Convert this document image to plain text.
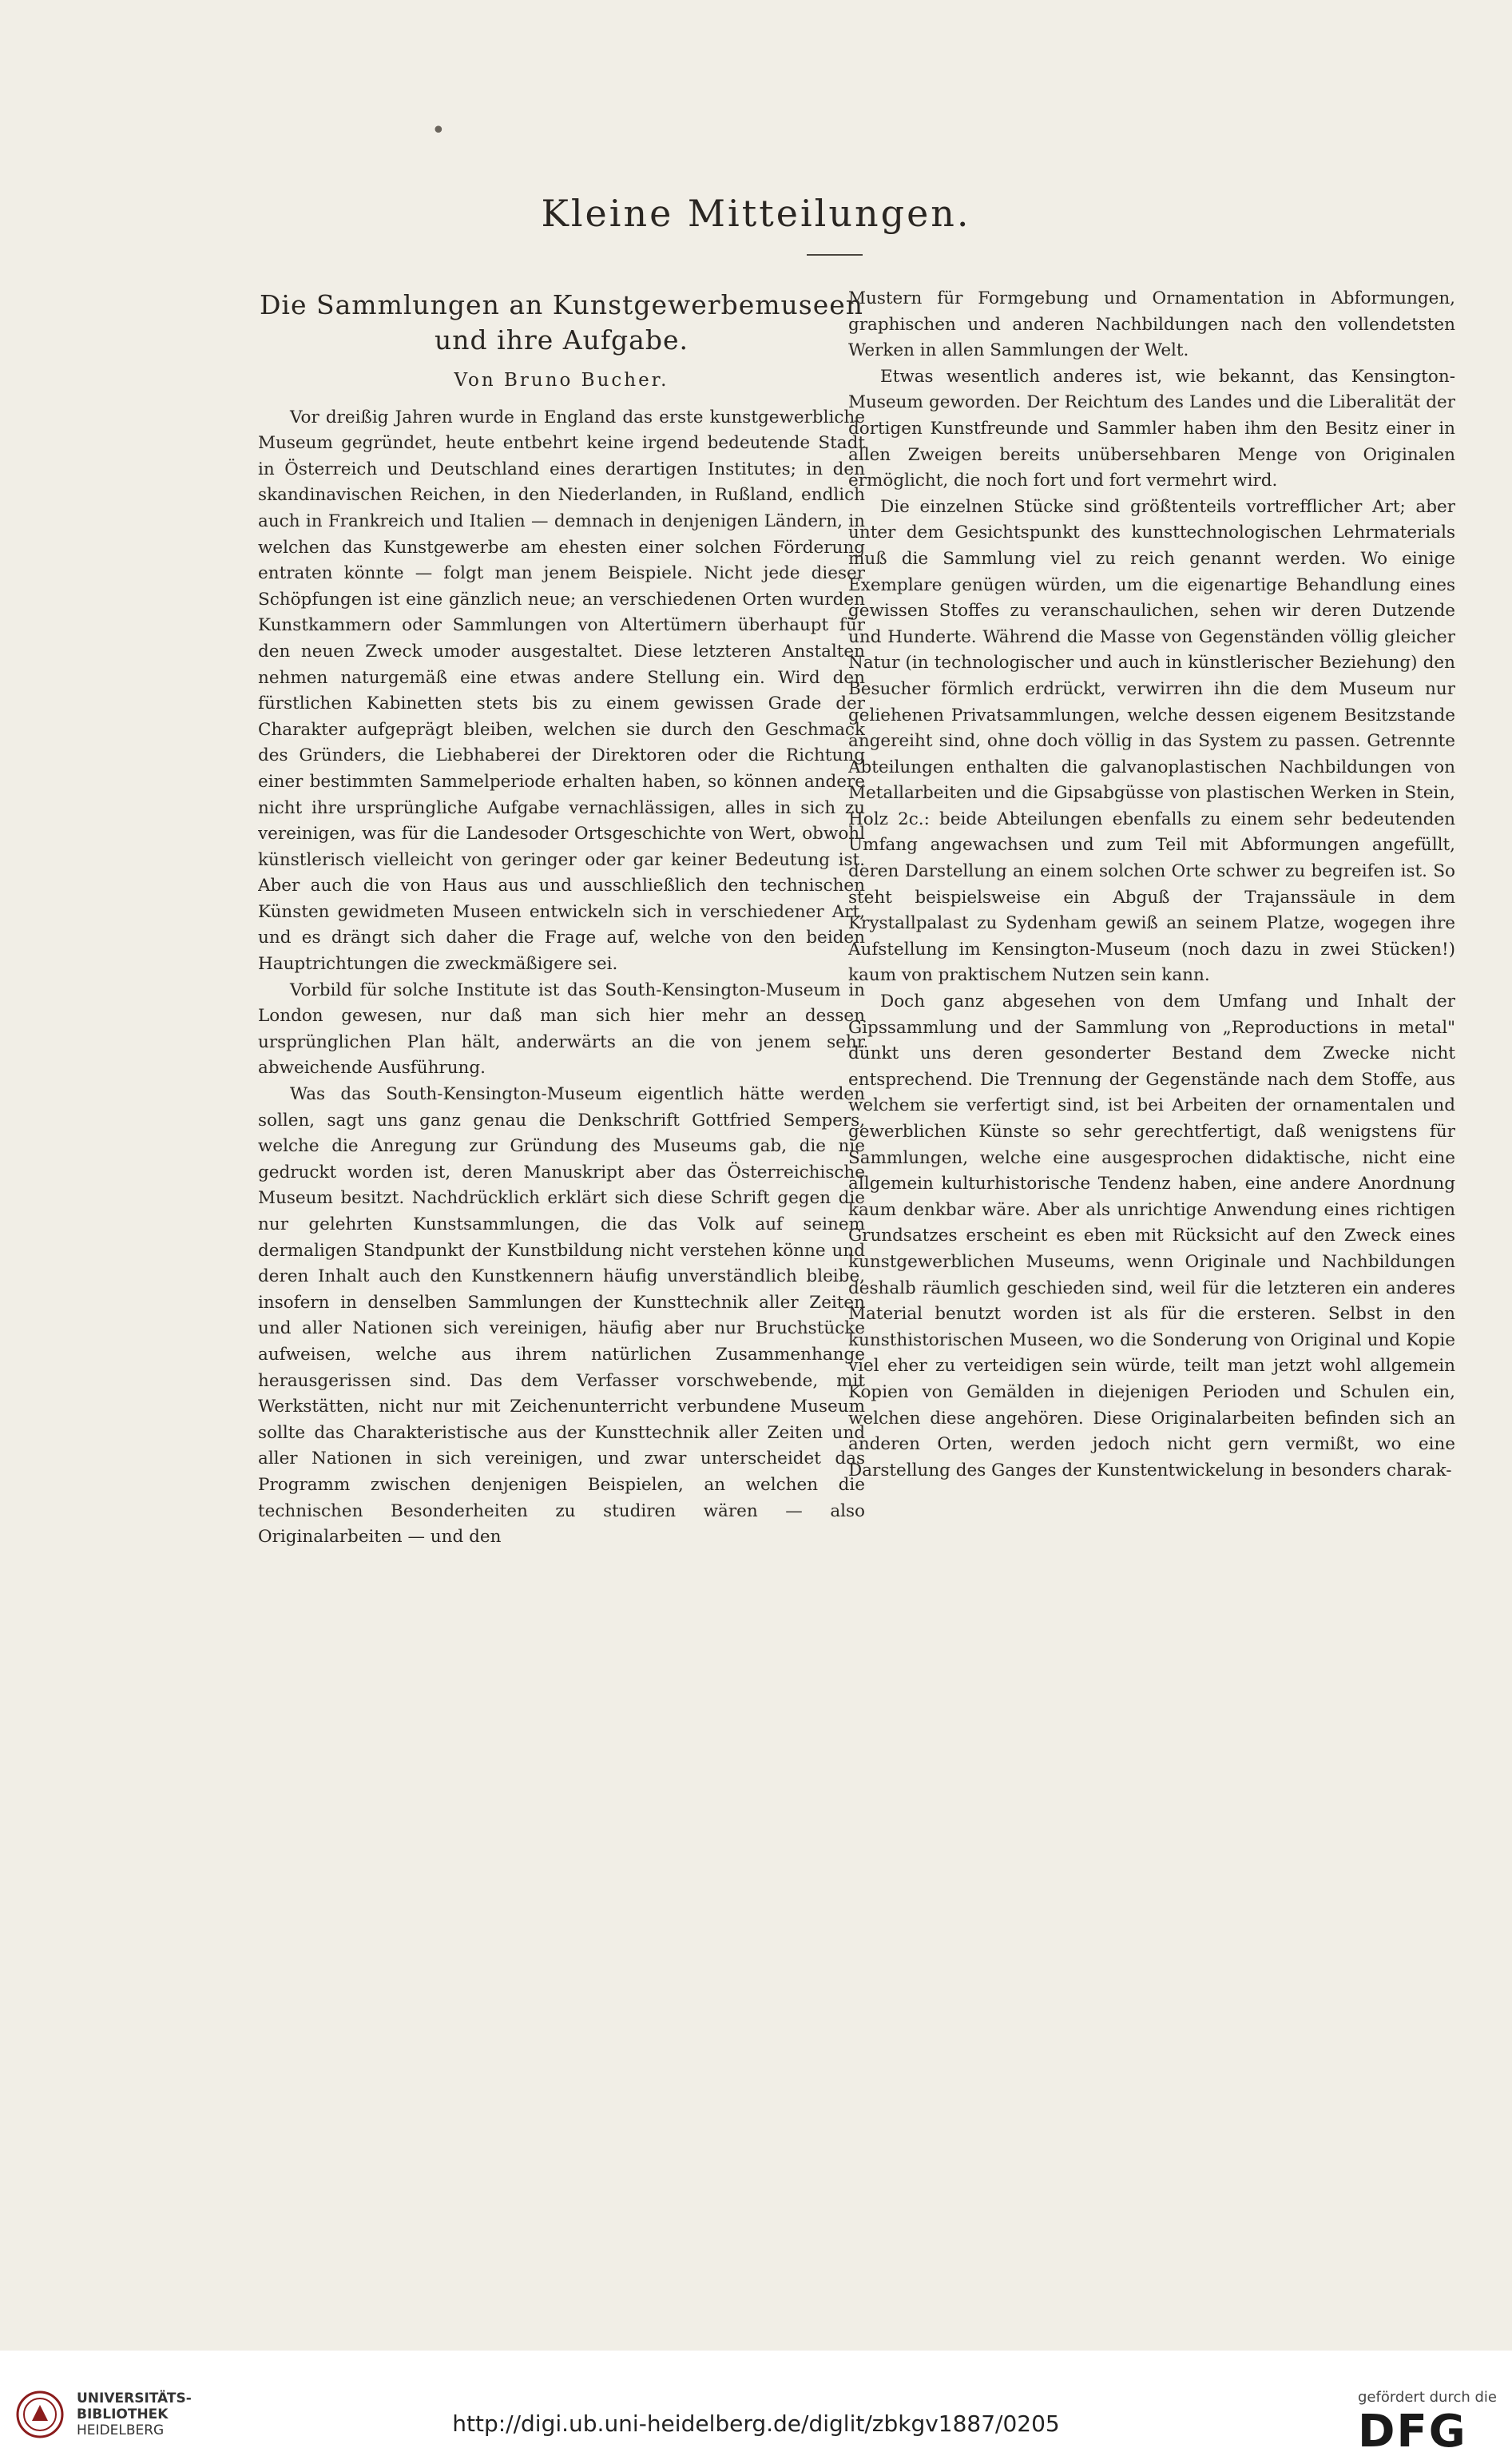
•
Kleine Mitteilungen.
Die Sammlungen an Kunstgewerbemuseen
und ihre Aufgabe.
Von Bruno Bucher.

Vor dreißig Jahren wurde in England das erste kunstgewerbliche Museum gegründet, heute entbehrt keine irgend bedeutende Stadt in Österreich und Deutschland eines derartigen Institutes; in den skandinavischen Reichen, in den Niederlanden, in Rußland, endlich auch in Frankreich und Italien — demnach in denjenigen Ländern, in welchen das Kunstgewerbe am ehesten einer solchen Förderung entraten könnte — folgt man jenem Beispiele. Nicht jede dieser Schöpfungen ist eine gänzlich neue; an verschiedenen Orten wurden Kunstkammern oder Sammlungen von Altertümern überhaupt für den neuen Zweck umoder ausgestaltet. Diese letzteren Anstalten nehmen naturgemäß eine etwas andere Stellung ein. Wird den fürstlichen Kabinetten stets bis zu einem gewissen Grade der Charakter aufgeprägt bleiben, welchen sie durch den Geschmack des Gründers, die Liebhaberei der Direktoren oder die Richtung einer bestimmten Sammelperiode erhalten haben, so können andere nicht ihre ursprüngliche Aufgabe vernachlässigen, alles in sich zu vereinigen, was für die Landesoder Ortsgeschichte von Wert, obwohl künstlerisch vielleicht von geringer oder gar keiner Bedeutung ist. Aber auch die von Haus aus und ausschließlich den technischen Künsten gewidmeten Museen entwickeln sich in verschiedener Art, und es drängt sich daher die Frage auf, welche von den beiden Hauptrichtungen die zweckmäßigere sei.

Vorbild für solche Institute ist das South-Kensington-Museum in London gewesen, nur daß man sich hier mehr an dessen ursprünglichen Plan hält, anderwärts an die von jenem sehr abweichende Ausführung.

Was das South-Kensington-Museum eigentlich hätte werden sollen, sagt uns ganz genau die Denkschrift Gottfried Sempers, welche die Anregung zur Gründung des Museums gab, die nie gedruckt worden ist, deren Manuskript aber das Österreichische Museum besitzt. Nachdrücklich erklärt sich diese Schrift gegen die nur gelehrten Kunstsammlungen, die das Volk auf seinem dermaligen Standpunkt der Kunstbildung nicht verstehen könne und deren Inhalt auch den Kunstkennern häufig unverständlich bleibe, insofern in denselben Sammlungen der Kunsttechnik aller Zeiten und aller Nationen sich vereinigen, häufig aber nur Bruchstücke aufweisen, welche aus ihrem natürlichen Zusammenhange herausgerissen sind. Das dem Verfasser vorschwebende, mit Werkstätten, nicht nur mit Zeichenunterricht verbundene Museum sollte das Charakteristische aus der Kunsttechnik aller Zeiten und aller Nationen in sich vereinigen, und zwar unterscheidet das Programm zwischen denjenigen Beispielen, an welchen die technischen Besonderheiten zu studiren wären — also Originalarbeiten — und den

Mustern für Formgebung und Ornamentation in Abformungen, graphischen und anderen Nachbildungen nach den vollendetsten Werken in allen Sammlungen der Welt.

Etwas wesentlich anderes ist, wie bekannt, das Kensington-Museum geworden. Der Reichtum des Landes und die Liberalität der dortigen Kunstfreunde und Sammler haben ihm den Besitz einer in allen Zweigen bereits unübersehbaren Menge von Originalen ermöglicht, die noch fort und fort vermehrt wird.

Die einzelnen Stücke sind größtenteils vortrefflicher Art; aber unter dem Gesichtspunkt des kunsttechnologischen Lehrmaterials muß die Sammlung viel zu reich genannt werden. Wo einige Exemplare genügen würden, um die eigenartige Behandlung eines gewissen Stoffes zu veranschaulichen, sehen wir deren Dutzende und Hunderte. Während die Masse von Gegenständen völlig gleicher Natur (in technologischer und auch in künstlerischer Beziehung) den Besucher förmlich erdrückt, verwirren ihn die dem Museum nur geliehenen Privatsammlungen, welche dessen eigenem Besitzstande angereiht sind, ohne doch völlig in das System zu passen. Getrennte Abteilungen enthalten die galvanoplastischen Nachbildungen von Metallarbeiten und die Gipsabgüsse von plastischen Werken in Stein, Holz 2c.: beide Abteilungen ebenfalls zu einem sehr bedeutenden Umfang angewachsen und zum Teil mit Abformungen angefüllt, deren Darstellung an einem solchen Orte schwer zu begreifen ist. So steht beispielsweise ein Abguß der Trajanssäule in dem Krystallpalast zu Sydenham gewiß an seinem Platze, wogegen ihre Aufstellung im Kensington-Museum (noch dazu in zwei Stücken!) kaum von praktischem Nutzen sein kann.

Doch ganz abgesehen von dem Umfang und Inhalt der Gipssammlung und der Sammlung von „Reproductions in metal" dünkt uns deren gesonderter Bestand dem Zwecke nicht entsprechend. Die Trennung der Gegenstände nach dem Stoffe, aus welchem sie verfertigt sind, ist bei Arbeiten der ornamentalen und gewerblichen Künste so sehr gerechtfertigt, daß wenigstens für Sammlungen, welche eine ausgesprochen didaktische, nicht eine allgemein kulturhistorische Tendenz haben, eine andere Anordnung kaum denkbar wäre. Aber als unrichtige Anwendung eines richtigen Grundsatzes erscheint es eben mit Rücksicht auf den Zweck eines kunstgewerblichen Museums, wenn Originale und Nachbildungen deshalb räumlich geschieden sind, weil für die letzteren ein anderes Material benutzt worden ist als für die ersteren. Selbst in den kunsthistorischen Museen, wo die Sonderung von Original und Kopie viel eher zu verteidigen sein würde, teilt man jetzt wohl allgemein Kopien von Gemälden in diejenigen Perioden und Schulen ein, welchen diese angehören. Diese Originalarbeiten befinden sich an anderen Orten, werden jedoch nicht gern vermißt, wo eine Darstellung des Ganges der Kunstentwickelung in besonders charak-

UNIVERSITÄTS-
BIBLIOTHEK
HEIDELBERG	http://digi.ub.uni-heidelberg.de/diglit/zbkgv1887/0205
gefördert durch die
DFG
